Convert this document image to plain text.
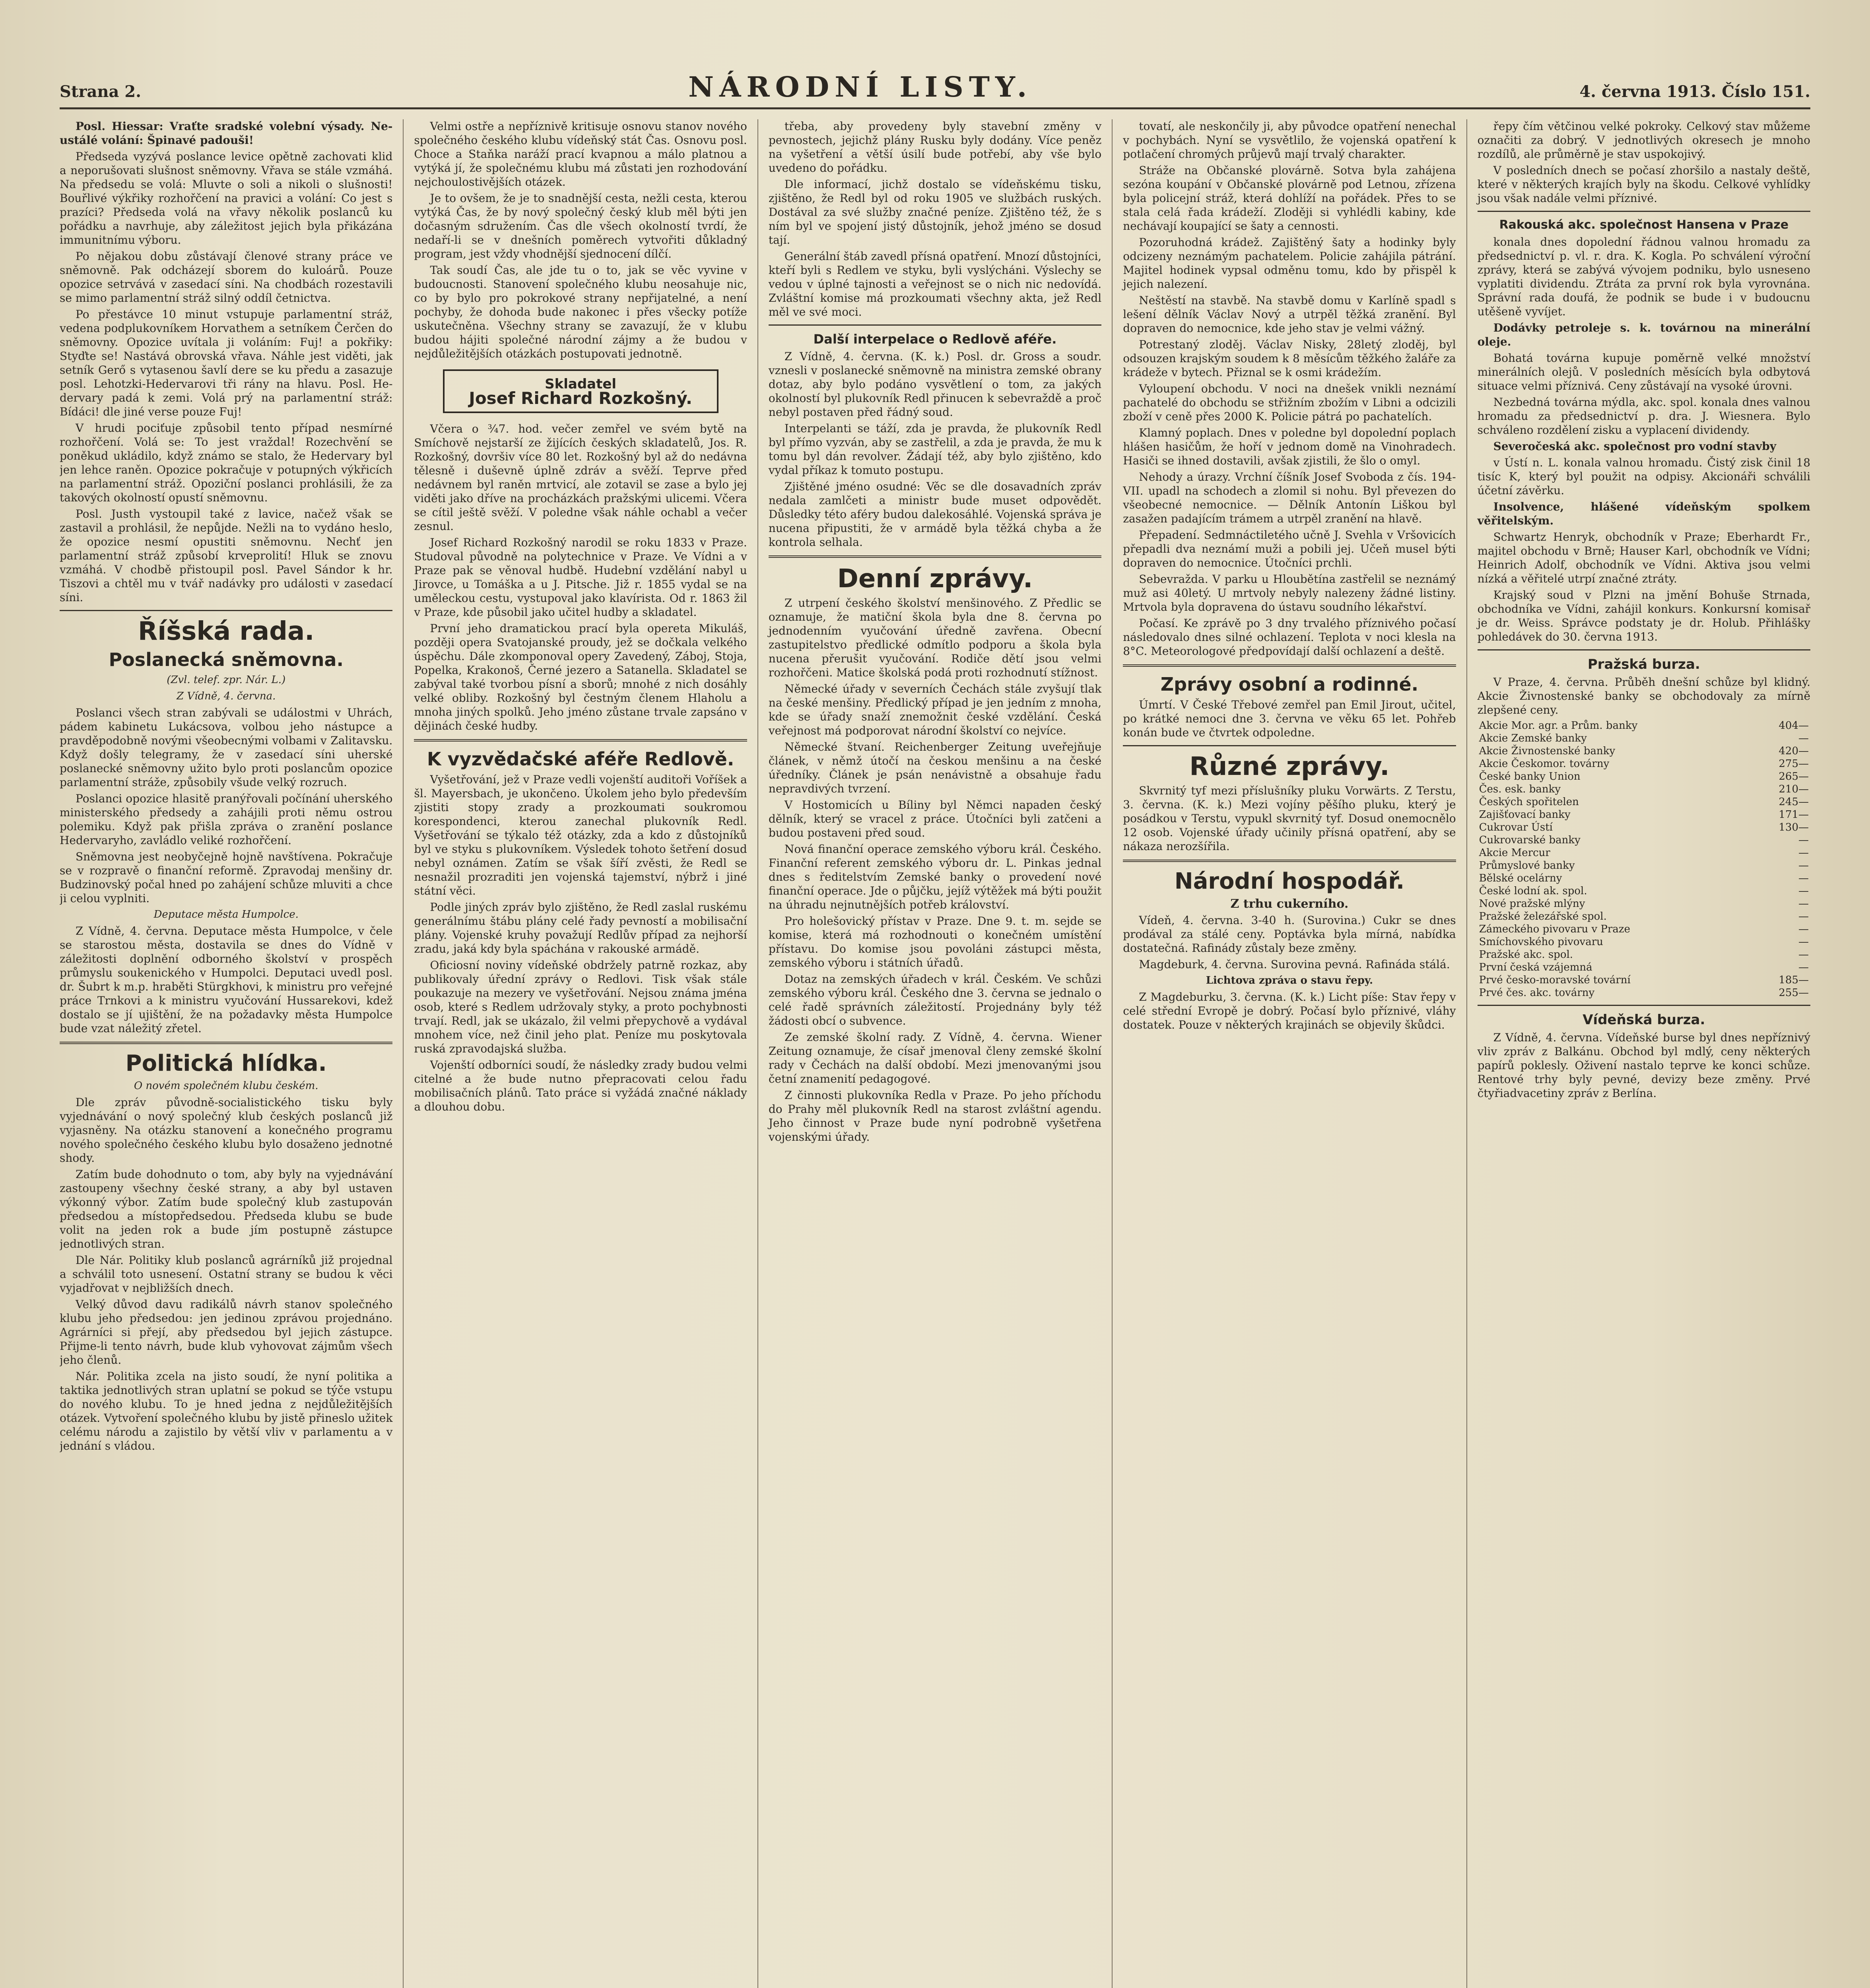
Strana 2.	NÁRODNÍ LISTY.	4. června 1913. Číslo 151.

Posl. Hiessar: Vraťte sradské volební výsady. Neustálé volání: Špinavé padouši!

Předseda vyzývá poslance levice opětně zachovati klid a neporušovati slušnost sněmovny. Vřava se stále vzmáhá. Na předsedu se volá: Mluvte o soli a nikoli o slušnosti! Bouřlivé výkřiky rozhořčení na pravici a volání: Co jest s prazíci? Předseda volá na vřavy několik poslanců ku pořádku a navrhuje, aby záležitost jejich byla přikázána immunitnímu výboru.

Po nějakou dobu zůstávají členové strany práce ve sněmovně. Pak odcházejí sborem do kuloárů. Pouze opozice setrvává v zasedací síni. Na chodbách rozestavili se mimo parlamentní stráž silný oddíl četnictva.

Po přestávce 10 minut vstupuje parlamentní stráž, vedena podplukovníkem Horvathem a setníkem Čerčen do sněmovny. Opozice uvítala ji voláním: Fuj! a pokřiky: Styďte se! Nastává obrovská vřava. Náhle jest viděti, jak setník Gerő s vytasenou šavlí dere se ku předu a zasazuje posl. Lehotzki-Hedervarovi tři rány na hlavu. Posl. Hedervary padá k zemi. Volá prý na parlamentní stráž: Bídáci! dle jiné verse pouze Fuj!

V hrudi pociťuje způsobil tento případ nesmírné rozhořčení. Volá se: To jest vraždal! Rozechvění se poněkud ukládilo, když známo se stalo, že Hedervary byl jen lehce raněn. Opozice pokračuje v potupných výkřicích na parlamentní stráž. Opoziční poslanci prohlásili, že za takových okolností opustí sněmovnu.

Posl. Justh vystoupil také z lavice, načež však se zastavil a prohlásil, že nepůjde. Nežli na to vydáno heslo, že opozice nesmí opustiti sněmovnu. Nechť jen parlamentní stráž způsobí krveprolití! Hluk se znovu vzmáhá. V chodbě přistoupil posl. Pavel Sándor k hr. Tiszovi a chtěl mu v tvář nadávky pro události v zasedací síni.

Říšská rada.

Poslanecká sněmovna.

(Zvl. telef. zpr. Nár. L.)

Z Vídně, 4. června.

Poslanci všech stran zabývali se událostmi v Uhrách, pádem kabinetu Lukácsova, volbou jeho nástupce a pravděpodobně novými všeobecnými volbami v Zalitavsku. Když došly telegramy, že v zasedací síni uherské poslanecké sněmovny užito bylo proti poslancům opozice parlamentní stráže, způsobily všude velký rozruch.

Poslanci opozice hlasitě pranýřovali počínání uherského ministerského předsedy a zahájili proti němu ostrou polemiku. Když pak přišla zpráva o zranění poslance Hedervaryho, zavládlo veliké rozhořčení.

Sněmovna jest neobyčejně hojně navštívena. Pokračuje se v rozpravě o finanční reformě. Zpravodaj menšiny dr. Budzinovský počal hned po zahájení schůze mluviti a chce ji celou vyplniti.

Deputace města Humpolce.

Z Vídně, 4. června. Deputace města Humpolce, v čele se starostou města, dostavila se dnes do Vídně v záležitosti doplnění odborného školství v prospěch průmyslu soukenického v Humpolci. Deputaci uvedl posl. dr. Šubrt k m.p. hraběti Stürgkhovi, k ministru pro veřejné práce Trnkovi a k ministru vyučování Hussarekovi, kdež dostalo se jí ujištění, že na požadavky města Humpolce bude vzat náležitý zřetel.

Politická hlídka.

O novém společném klubu českém.

Dle zpráv původně-socialistického tisku byly vyjednávání o nový společný klub českých poslanců již vyjasněny. Na otázku stanovení a konečného programu nového společného českého klubu bylo dosaženo jednotné shody.

Zatím bude dohodnuto o tom, aby byly na vyjednávání zastoupeny všechny české strany, a aby byl ustaven výkonný výbor. Zatím bude společný klub zastupován předsedou a místopředsedou. Předseda klubu se bude volit na jeden rok a bude jím postupně zástupce jednotlivých stran.

Dle Nár. Politiky klub poslanců agrárníků již projednal a schválil toto usnesení. Ostatní strany se budou k věci vyjadřovat v nejbližších dnech.

Velký důvod davu radikálů návrh stanov společného klubu jeho předsedou: jen jedinou zprávou projednáno. Agrárníci si přejí, aby předsedou byl jejich zástupce. Přijme-li tento návrh, bude klub vyhovovat zájmům všech jeho členů.

Nár. Politika zcela na jisto soudí, že nyní politika a taktika jednotlivých stran uplatní se pokud se týče vstupu do nového klubu. To je hned jedna z nejdůležitějších otázek. Vytvoření společného klubu by jistě přineslo užitek celému národu a zajistilo by větší vliv v parlamentu a v jednání s vládou.

Velmi ostře a nepříznivě kritisuje osnovu stanov nového společného českého klubu vídeňský stát Čas. Osnovu posl. Choce a Staňka naráží prací kvapnou a málo platnou a vytýká jí, že společnému klubu má zůstati jen rozhodování nejchoulostivějších otázek.

Je to ovšem, že je to snadnější cesta, nežli cesta, kterou vytýká Čas, že by nový společný český klub měl býti jen dočasným sdružením. Čas dle všech okolností tvrdí, že nedaří-li se v dnešních poměrech vytvořiti důkladný program, jest vždy vhodnější sjednocení dílčí.

Tak soudí Čas, ale jde tu o to, jak se věc vyvine v budoucnosti. Stanovení společného klubu neosahuje nic, co by bylo pro pokrokové strany nepřijatelné, a není pochyby, že dohoda bude nakonec i přes všecky potíže uskutečněna. Všechny strany se zavazují, že v klubu budou hájiti společné národní zájmy a že budou v nejdůležitějších otázkách postupovati jednotně.

Skladatel
Josef Richard Rozkošný.

Včera o ¾7. hod. večer zemřel ve svém bytě na Smíchově nejstarší ze žijících českých skladatelů, Jos. R. Rozkošný, dovršiv více 80 let. Rozkošný byl až do nedávna tělesně i duševně úplně zdráv a svěží. Teprve před nedávnem byl raněn mrtvicí, ale zotavil se zase a bylo jej viděti jako dříve na procházkách pražskými ulicemi. Včera se cítil ještě svěží. V poledne však náhle ochabl a večer zesnul.

Josef Richard Rozkošný narodil se roku 1833 v Praze. Studoval původně na polytechnice v Praze. Ve Vídni a v Praze pak se věnoval hudbě. Hudební vzdělání nabyl u Jirovce, u Tomáška a u J. Pitsche. Již r. 1855 vydal se na uměleckou cestu, vystupoval jako klavírista. Od r. 1863 žil v Praze, kde působil jako učitel hudby a skladatel.

První jeho dramatickou prací byla opereta Mikuláš, později opera Svatojanské proudy, jež se dočkala velkého úspěchu. Dále zkomponoval opery Zavedený, Záboj, Stoja, Popelka, Krakonoš, Černé jezero a Satanella. Skladatel se zabýval také tvorbou písní a sborů; mnohé z nich dosáhly velké obliby. Rozkošný byl čestným členem Hlaholu a mnoha jiných spolků. Jeho jméno zůstane trvale zapsáno v dějinách české hudby.

K vyzvědačské aféře Redlově.

Vyšetřování, jež v Praze vedli vojenští auditoři Voříšek a šl. Mayersbach, je ukončeno. Úkolem jeho bylo především zjistiti stopy zrady a prozkoumati soukromou korespondenci, kterou zanechal plukovník Redl. Vyšetřování se týkalo též otázky, zda a kdo z důstojníků byl ve styku s plukovníkem. Výsledek tohoto šetření dosud nebyl oznámen. Zatím se však šíří zvěsti, že Redl se nesnažil prozraditi jen vojenská tajemství, nýbrž i jiné státní věci.

Podle jiných zpráv bylo zjištěno, že Redl zaslal ruskému generálnímu štábu plány celé řady pevností a mobilisační plány. Vojenské kruhy považují Redlův případ za nejhorší zradu, jaká kdy byla spáchána v rakouské armádě.

Oficiosní noviny vídeňské obdržely patrně rozkaz, aby publikovaly úřední zprávy o Redlovi. Tisk však stále poukazuje na mezery ve vyšetřování. Nejsou známa jména osob, které s Redlem udržovaly styky, a proto pochybnosti trvají. Redl, jak se ukázalo, žil velmi přepychově a vydával mnohem více, než činil jeho plat. Peníze mu poskytovala ruská zpravodajská služba.

Vojenští odborníci soudí, že následky zrady budou velmi citelné a že bude nutno přepracovati celou řadu mobilisačních plánů. Tato práce si vyžádá značné náklady a dlouhou dobu.

třeba, aby provedeny byly stavební změny v pevnostech, jejichž plány Rusku byly dodány. Více peněz na vyšetření a větší úsilí bude potřebí, aby vše bylo uvedeno do pořádku.

Dle informací, jichž dostalo se vídeňskému tisku, zjištěno, že Redl byl od roku 1905 ve službách ruských. Dostával za své služby značné peníze. Zjištěno též, že s ním byl ve spojení jistý důstojník, jehož jméno se dosud tají.

Generální štáb zavedl přísná opatření. Mnozí důstojníci, kteří byli s Redlem ve styku, byli vyslýcháni. Výslechy se vedou v úplné tajnosti a veřejnost se o nich nic nedovídá. Zvláštní komise má prozkoumati všechny akta, jež Redl měl ve své moci.

Další interpelace o Redlově aféře.

Z Vídně, 4. června. (K. k.) Posl. dr. Gross a soudr. vznesli v poslanecké sněmovně na ministra zemské obrany dotaz, aby bylo podáno vysvětlení o tom, za jakých okolností byl plukovník Redl přinucen k sebevraždě a proč nebyl postaven před řádný soud.

Interpelanti se táží, zda je pravda, že plukovník Redl byl přímo vyzván, aby se zastřelil, a zda je pravda, že mu k tomu byl dán revolver. Žádají též, aby bylo zjištěno, kdo vydal příkaz k tomuto postupu.

Zjištěné jméno osudné: Věc se dle dosavadních zpráv nedala zamlčeti a ministr bude muset odpovědět. Důsledky této aféry budou dalekosáhlé. Vojenská správa je nucena připustiti, že v armádě byla těžká chyba a že kontrola selhala.

Denní zprávy.

Z utrpení českého školství menšinového. Z Předlic se oznamuje, že matiční škola byla dne 8. června po jednodenním vyučování úředně zavřena. Obecní zastupitelstvo předlické odmítlo podporu a škola byla nucena přerušit vyučování. Rodiče dětí jsou velmi rozhořčeni. Matice školská podá proti rozhodnutí stížnost.

Německé úřady v severních Čechách stále zvyšují tlak na české menšiny. Předlický případ je jen jedním z mnoha, kde se úřady snaží znemožnit české vzdělání. Česká veřejnost má podporovat národní školství co nejvíce.

Německé štvaní. Reichenberger Zeitung uveřejňuje článek, v němž útočí na českou menšinu a na české úředníky. Článek je psán nenávistně a obsahuje řadu nepravdivých tvrzení.

V Hostomicích u Bíliny byl Němci napaden český dělník, který se vracel z práce. Útočníci byli zatčeni a budou postaveni před soud.

Nová finanční operace zemského výboru král. Českého. Finanční referent zemského výboru dr. L. Pinkas jednal dnes s ředitelstvím Zemské banky o provedení nové finanční operace. Jde o půjčku, jejíž výtěžek má býti použit na úhradu nejnutnějších potřeb království.

Pro holešovický přístav v Praze. Dne 9. t. m. sejde se komise, která má rozhodnouti o konečném umístění přístavu. Do komise jsou povoláni zástupci města, zemského výboru i státních úřadů.

Dotaz na zemských úřadech v král. Českém. Ve schůzi zemského výboru král. Českého dne 3. června se jednalo o celé řadě správních záležitostí. Projednány byly též žádosti obcí o subvence.

Ze zemské školní rady. Z Vídně, 4. června. Wiener Zeitung oznamuje, že císař jmenoval členy zemské školní rady v Čechách na další období. Mezi jmenovanými jsou četní znamenití pedagogové.

Z činnosti plukovníka Redla v Praze. Po jeho příchodu do Prahy měl plukovník Redl na starost zvláštní agendu. Jeho činnost v Praze bude nyní podrobně vyšetřena vojenskými úřady.

tovatí, ale neskončily ji, aby původce opatření nenechal v pochybách. Nyní se vysvětlilo, že vojenská opatření k potlačení chromých průjevů mají trvalý charakter.

Stráže na Občanské plovárně. Sotva byla zahájena sezóna koupání v Občanské plovárně pod Letnou, zřízena byla policejní stráž, která dohlíží na pořádek. Přes to se stala celá řada krádeží. Zloději si vyhlédli kabiny, kde nechávají koupající se šaty a cennosti.

Pozoruhodná krádež. Zajištěný šaty a hodinky byly odcizeny neznámým pachatelem. Policie zahájila pátrání. Majitel hodinek vypsal odměnu tomu, kdo by přispěl k jejich nalezení.

Neštěstí na stavbě. Na stavbě domu v Karlíně spadl s lešení dělník Václav Nový a utrpěl těžká zranění. Byl dopraven do nemocnice, kde jeho stav je velmi vážný.

Potrestaný zloděj. Václav Nisky, 28letý zloděj, byl odsouzen krajským soudem k 8 měsícům těžkého žaláře za krádeže v bytech. Přiznal se k osmi krádežím.

Vyloupení obchodu. V noci na dnešek vnikli neznámí pachatelé do obchodu se střižním zbožím v Libni a odcizili zboží v ceně přes 2000 K. Policie pátrá po pachatelích.

Klamný poplach. Dnes v poledne byl dopolední poplach hlášen hasičům, že hoří v jednom domě na Vinohradech. Hasiči se ihned dostavili, avšak zjistili, že šlo o omyl.

Nehody a úrazy. Vrchní číšník Josef Svoboda z čís. 194-VII. upadl na schodech a zlomil si nohu. Byl převezen do všeobecné nemocnice. — Dělník Antonín Liškou byl zasažen padajícím trámem a utrpěl zranění na hlavě.

Přepadení. Sedmnáctiletého učně J. Svehla v Vršovicích přepadli dva neznámí muži a pobili jej. Učeň musel býti dopraven do nemocnice. Útočníci prchli.

Sebevražda. V parku u Hloubětína zastřelil se neznámý muž asi 40letý. U mrtvoly nebyly nalezeny žádné listiny. Mrtvola byla dopravena do ústavu soudního lékařství.

Počasí. Ke zprávě po 3 dny trvalého příznivého počasí následovalo dnes silné ochlazení. Teplota v noci klesla na 8°C. Meteorologové předpovídají další ochlazení a deště.

Zprávy osobní a rodinné.

Úmrtí. V České Třebové zemřel pan Emil Jirout, učitel, po krátké nemoci dne 3. června ve věku 65 let. Pohřeb konán bude ve čtvrtek odpoledne.

Různé zprávy.

Skvrnitý tyf mezi příslušníky pluku Vorwärts. Z Terstu, 3. června. (K. k.) Mezi vojíny pěšího pluku, který je posádkou v Terstu, vypukl skvrnitý tyf. Dosud onemocnělo 12 osob. Vojenské úřady učinily přísná opatření, aby se nákaza nerozšířila.

Národní hospodář.

Z trhu cukerního.

Vídeň, 4. června. 3-40 h. (Surovina.) Cukr se dnes prodával za stálé ceny. Poptávka byla mírná, nabídka dostatečná. Rafinády zůstaly beze změny.

Magdeburk, 4. června. Surovina pevná. Rafináda stálá.

Lichtova zpráva o stavu řepy.

Z Magdeburku, 3. června. (K. k.) Licht píše: Stav řepy v celé střední Evropě je dobrý. Počasí bylo příznivé, vláhy dostatek. Pouze v některých krajinách se objevily škůdci.

řepy čím větčinou velké pokroky. Celkový stav můžeme označiti za dobrý. V jednotlivých okresech je mnoho rozdílů, ale průměrně je stav uspokojivý.

V posledních dnech se počasí zhoršilo a nastaly deště, které v některých krajích byly na škodu. Celkové vyhlídky jsou však nadále velmi příznivé.

Rakouská akc. společnost Hansena v Praze

konala dnes dopolední řádnou valnou hromadu za předsednictví p. vl. r. dra. K. Kogla. Po schválení výroční zprávy, která se zabývá vývojem podniku, bylo usneseno vyplatiti dividendu. Ztráta za první rok byla vyrovnána. Správní rada doufá, že podnik se bude i v budoucnu utěšeně vyvíjet.

Dodávky petroleje s. k. továrnou na minerální oleje.

Bohatá továrna kupuje poměrně velké množství minerálních olejů. V posledních měsících byla odbytová situace velmi příznivá. Ceny zůstávají na vysoké úrovni.

Nezbedná továrna mýdla, akc. spol. konala dnes valnou hromadu za předsednictví p. dra. J. Wiesnera. Bylo schváleno rozdělení zisku a vyplacení dividendy.

Severočeská akc. společnost pro vodní stavby

v Ústí n. L. konala valnou hromadu. Čistý zisk činil 18 tisíc K, který byl použit na odpisy. Akcionáři schválili účetní závěrku.

Insolvence, hlášené vídeňským spolkem věřitelským.

Schwartz Henryk, obchodník v Praze; Eberhardt Fr., majitel obchodu v Brně; Hauser Karl, obchodník ve Vídni; Heinrich Adolf, obchodník ve Vídni. Aktiva jsou velmi nízká a věřitelé utrpí značné ztráty.

Krajský soud v Plzni na jmění Bohuše Strnada, obchodníka ve Vídni, zahájil konkurs. Konkursní komisař je dr. Weiss. Správce podstaty je dr. Holub. Přihlášky pohledávek do 30. června 1913.

Pražská burza.

V Praze, 4. června. Průběh dnešní schůze byl klidný. Akcie Živnostenské banky se obchodovaly za mírně zlepšené ceny.

Akcie Mor. agr. a Prům. banky	404—
Akcie Zemské banky	—
Akcie Živnostenské banky	420—
Akcie Českomor. továrny	275—
České banky Union	265—
Čes. esk. banky	210—
Českých spořitelen	245—
Zajišťovací banky	171—
Cukrovar Ústí	130—
Cukrovarské banky	—
Akcie Mercur	—
Průmyslové banky	—
Bělské ocelárny	—
České lodní ak. spol.	—
Nové pražské mlýny	—
Pražské železářské spol.	—
Zámeckého pivovaru v Praze	—
Smíchovského pivovaru	—
Pražské akc. spol.	—
První česká vzájemná	—
Prvé česko-moravské tovární	185—
Prvé čes. akc. továrny	255—

Vídeňská burza.

Z Vídně, 4. června. Vídeňské burse byl dnes nepříznivý vliv zpráv z Balkánu. Obchod byl mdlý, ceny některých papírů poklesly. Oživení nastalo teprve ke konci schůze. Rentové trhy byly pevné, devizy beze změny. Prvé čtyřiadvacetiny zpráv z Berlína.
